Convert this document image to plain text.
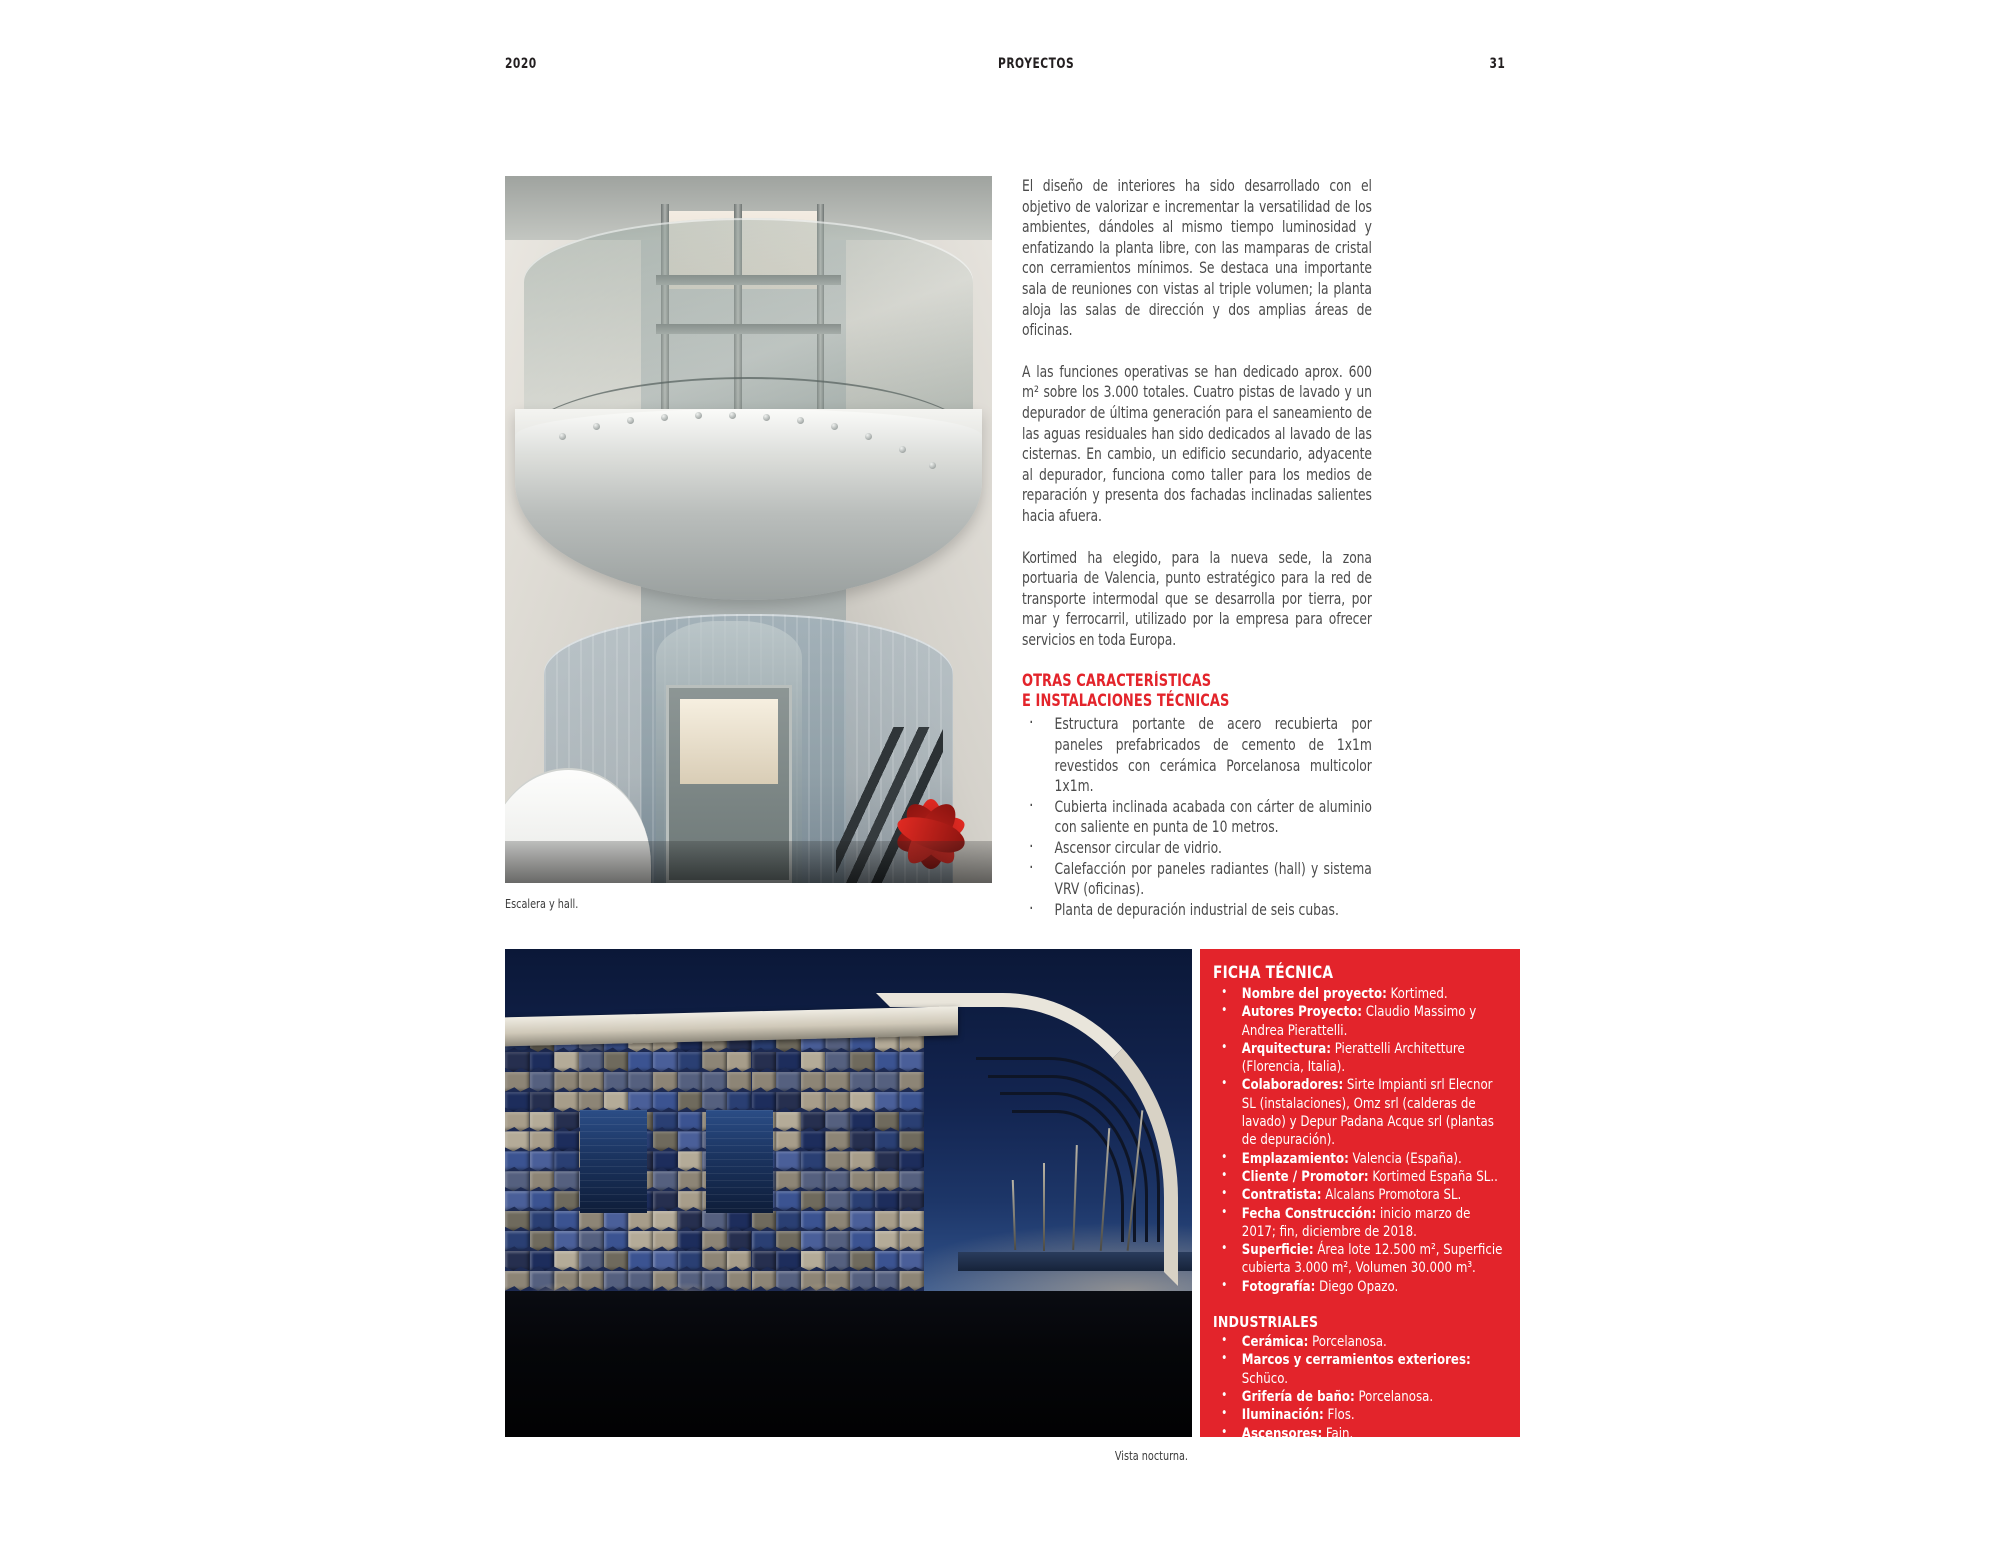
2020	PROYECTOS	31
Escalera y hall.

El diseño de interiores ha sido desarrollado con el objetivo de valorizar e incrementar la versatilidad de los ambientes, dándoles al mismo tiempo luminosidad y enfatizando la planta libre, con las mamparas de cristal con cerramientos mínimos. Se destaca una importante sala de reuniones con vistas al triple volumen; la planta aloja las salas de dirección y dos amplias áreas de oficinas.

A las funciones operativas se han dedicado aprox. 600 m² sobre los 3.000 totales. Cuatro pistas de lavado y un depurador de última generación para el saneamiento de las aguas residuales han sido dedicados al lavado de las cisternas. En cambio, un edificio secundario, adyacente al depurador, funciona como taller para los medios de reparación y presenta dos fachadas inclinadas salientes hacia afuera.

Kortimed ha elegido, para la nueva sede, la zona portuaria de Valencia, punto estratégico para la red de transporte intermodal que se desarrolla por tierra, por mar y ferrocarril, utilizado por la empresa para ofrecer servicios en toda Europa.

OTRAS CARACTERÍSTICAS
E INSTALACIONES TÉCNICAS
· Estructura portante de acero recubierta por paneles prefabricados de cemento de 1x1m revestidos con cerámica Porcelanosa multicolor 1x1m.
· Cubierta inclinada acabada con cárter de aluminio con saliente en punta de 10 metros.
· Ascensor circular de vidrio.
· Calefacción por paneles radiantes (hall) y sistema VRV (oficinas).
· Planta de depuración industrial de seis cubas.
Vista nocturna.
FICHA TÉCNICA
• Nombre del proyecto: Kortimed.
• Autores Proyecto: Claudio Massimo y Andrea Pierattelli.
• Arquitectura: Pierattelli Architetture (Florencia, Italia).
• Colaboradores: Sirte Impianti srl Elecnor SL (instalaciones), Omz srl (calderas de lavado) y Depur Padana Acque srl (plantas de depuración).
• Emplazamiento: Valencia (España).
• Cliente / Promotor: Kortimed España SL..
• Contratista: Alcalans Promotora SL.
• Fecha Construcción: inicio marzo de 2017; fin, diciembre de 2018.
• Superficie: Área lote 12.500 m², Superficie cubierta 3.000 m², Volumen 30.000 m³.
• Fotografía: Diego Opazo.
INDUSTRIALES
• Cerámica: Porcelanosa.
• Marcos y cerramientos exteriores: Schüco.
• Grifería de baño: Porcelanosa.
• Iluminación: Flos.
• Ascensores: Fain.
